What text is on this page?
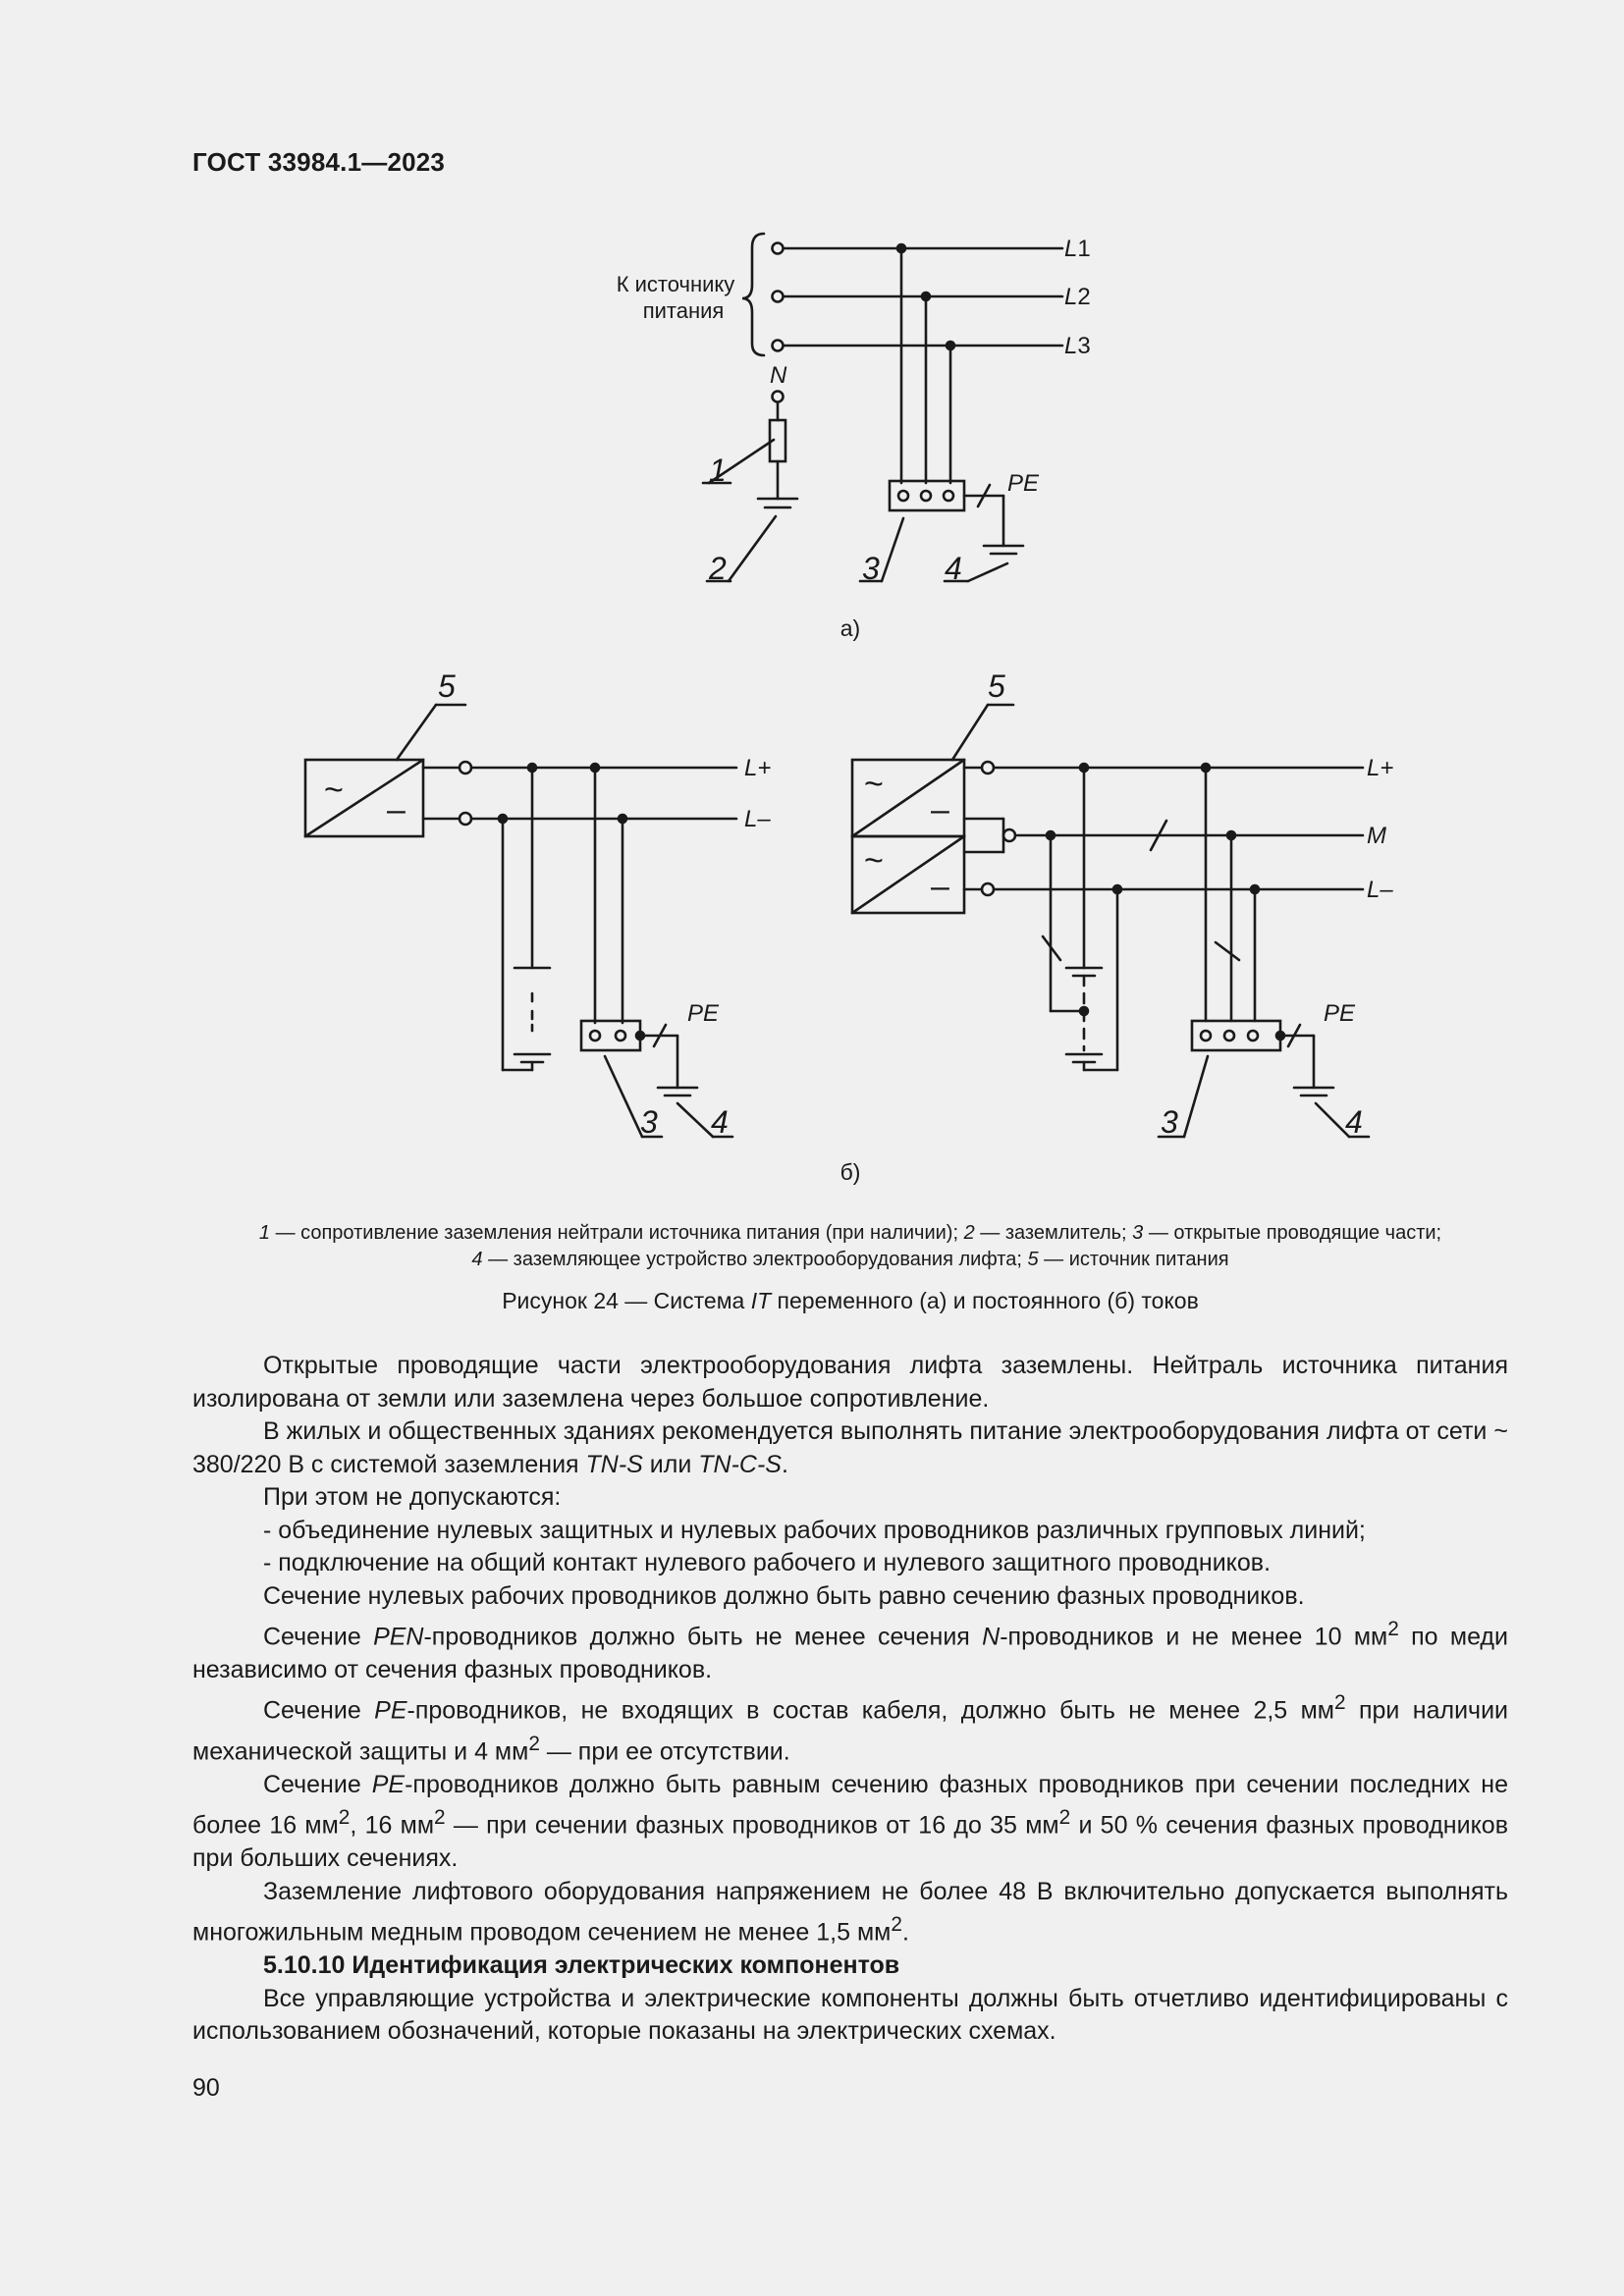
ГОСТ 33984.1—2023
К источнику
питания
L1
L2
L3
N
PE
1
2	3 4
а)
~
–
L+
L–
PE
5
3 4
~
–
~
–
L+
M
L–
PE
5
3	4
б)
1 — сопротивление заземления нейтрали источника питания (при наличии); 2 — заземлитель; 3 — открытые проводящие части;
4 — заземляющее устройство электрооборудования лифта; 5 — источник питания
Рисунок 24 — Система IT переменного (а) и постоянного (б) токов

Открытые проводящие части электрооборудования лифта заземлены. Нейтраль источника питания изолирована от земли или заземлена через большое сопротивление.

В жилых и общественных зданиях рекомендуется выполнять питание электрооборудования лифта от сети ~ 380/220 В с системой заземления TN-S или TN-C-S.

При этом не допускаются:

- объединение нулевых защитных и нулевых рабочих проводников различных групповых линий;

- подключение на общий контакт нулевого рабочего и нулевого защитного проводников.

Сечение нулевых рабочих проводников должно быть равно сечению фазных проводников.

Сечение PEN-проводников должно быть не менее сечения N-проводников и не менее 10 $мм^2$ по меди независимо от сечения фазных проводников.

Сечение PE-проводников, не входящих в состав кабеля, должно быть не менее 2,5 $мм^2$ при наличии механической защиты и 4 $мм^2$ — при ее отсутствии.

Сечение PE-проводников должно быть равным сечению фазных проводников при сечении последних не более 16 $мм^2$, 16 $мм^2$ — при сечении фазных проводников от 16 до 35 $мм^2$ и 50 % сечения фазных проводников при больших сечениях.

Заземление лифтового оборудования напряжением не более 48 В включительно допускается выполнять многожильным медным проводом сечением не менее 1,5 $мм^2$.

5.10.10 Идентификация электрических компонентов

Все управляющие устройства и электрические компоненты должны быть отчетливо идентифицированы с использованием обозначений, которые показаны на электрических схемах.

90
